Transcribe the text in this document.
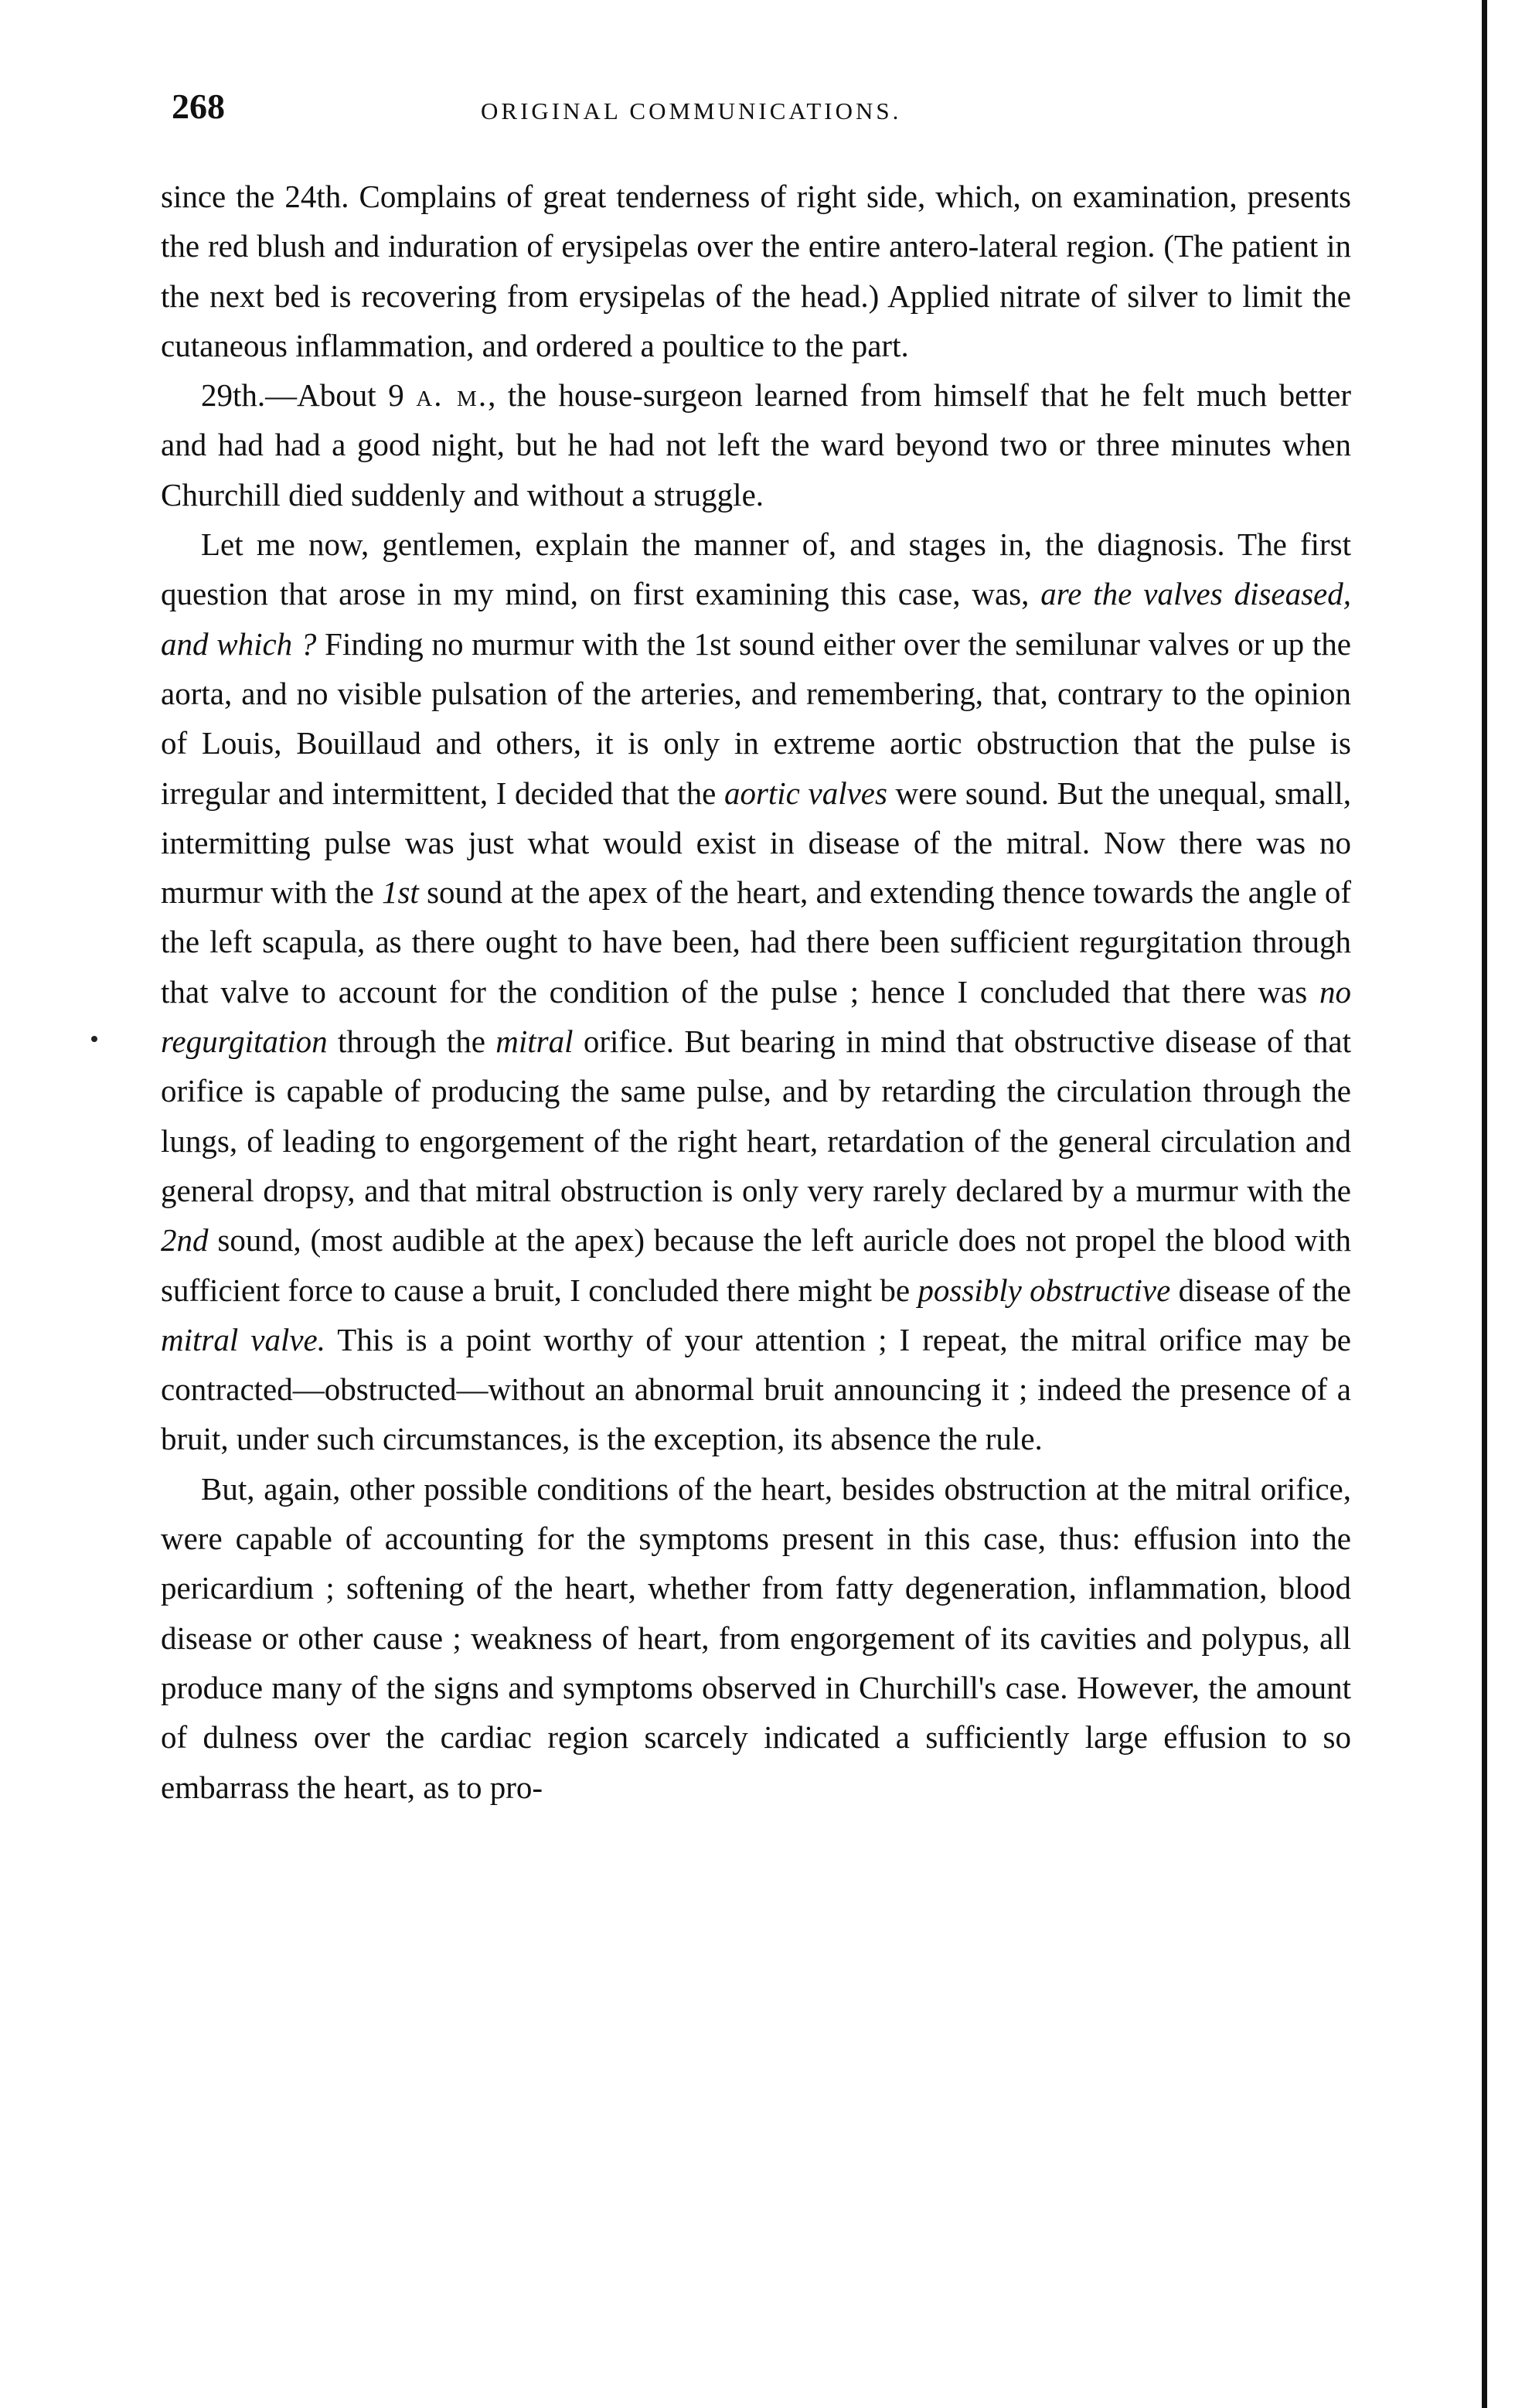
268	ORIGINAL COMMUNICATIONS.

since the 24th. Complains of great tenderness of right side, which, on examination, presents the red blush and induration of erysipelas over the entire antero-lateral region. (The patient in the next bed is recovering from erysipelas of the head.) Applied nitrate of silver to limit the cutaneous inflammation, and ordered a poultice to the part.

29th.—About 9 a. m., the house-surgeon learned from himself that he felt much better and had had a good night, but he had not left the ward beyond two or three minutes when Churchill died suddenly and without a struggle.

Let me now, gentlemen, explain the manner of, and stages in, the diagnosis. The first question that arose in my mind, on first examining this case, was, are the valves diseased, and which ? Finding no murmur with the 1st sound either over the semilunar valves or up the aorta, and no visible pulsation of the arteries, and remembering, that, contrary to the opinion of Louis, Bouillaud and others, it is only in extreme aortic obstruction that the pulse is irregular and intermittent, I decided that the aortic valves were sound. But the unequal, small, intermitting pulse was just what would exist in disease of the mitral. Now there was no murmur with the 1st sound at the apex of the heart, and extending thence towards the angle of the left scapula, as there ought to have been, had there been sufficient regurgitation through that valve to account for the condition of the pulse ; hence I concluded that there was no regurgitation through the mitral orifice. But bearing in mind that obstructive disease of that orifice is capable of producing the same pulse, and by retarding the circulation through the lungs, of leading to engorgement of the right heart, retardation of the general circulation and general dropsy, and that mitral obstruction is only very rarely declared by a murmur with the 2nd sound, (most audible at the apex) because the left auricle does not propel the blood with sufficient force to cause a bruit, I concluded there might be possibly obstructive disease of the mitral valve. This is a point worthy of your attention ; I repeat, the mitral orifice may be contracted—obstructed—without an abnormal bruit announcing it ; indeed the presence of a bruit, under such circumstances, is the exception, its absence the rule.

But, again, other possible conditions of the heart, besides obstruction at the mitral orifice, were capable of accounting for the symptoms present in this case, thus: effusion into the pericardium ; softening of the heart, whether from fatty degeneration, inflammation, blood disease or other cause ; weakness of heart, from engorgement of its cavities and polypus, all produce many of the signs and symptoms observed in Churchill's case. However, the amount of dulness over the cardiac region scarcely indicated a sufficiently large effusion to so embarrass the heart, as to pro-
